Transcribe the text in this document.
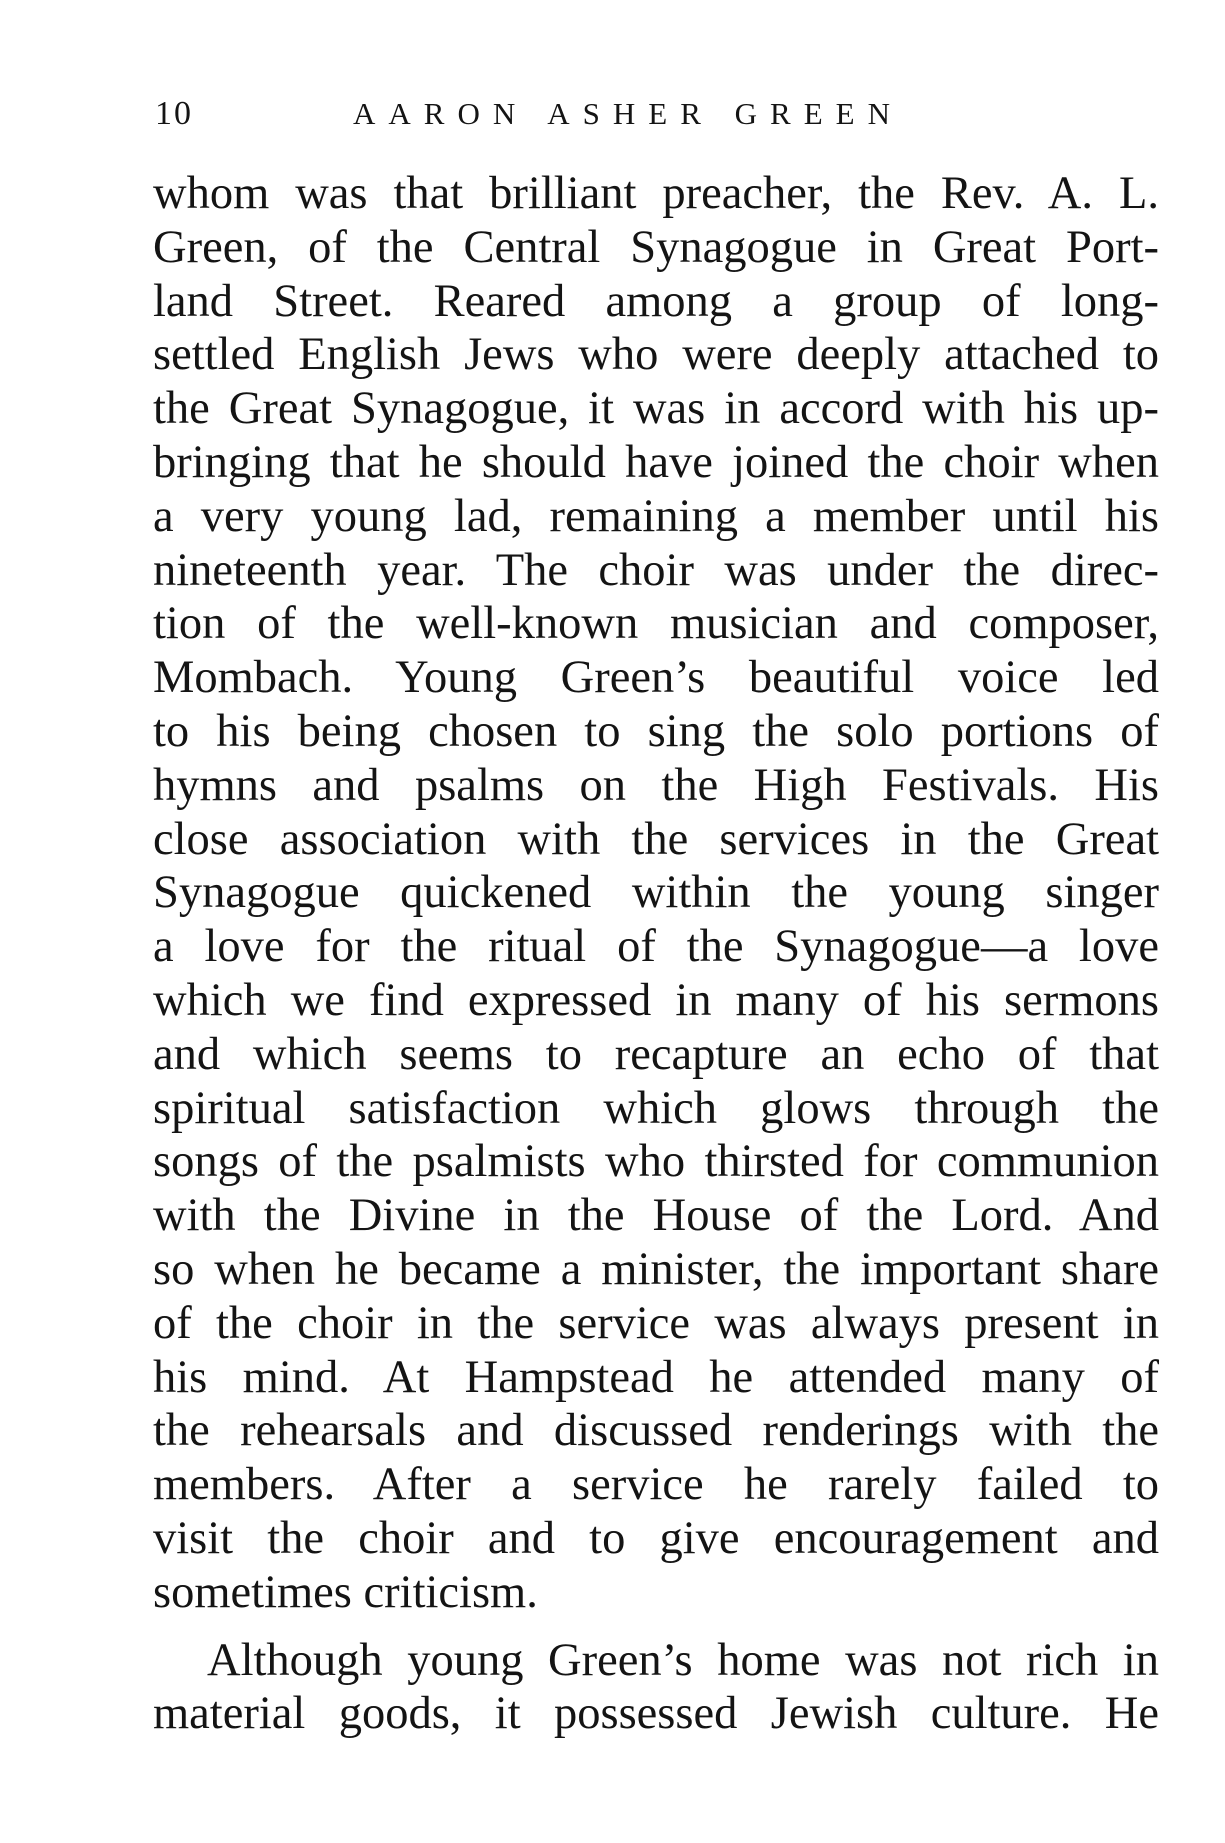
10	AARON ASHER GREEN
whom was that brilliant preacher, the Rev. A. L.
Green, of the Central Synagogue in Great Port-
land Street. Reared among a group of long-
settled English Jews who were deeply attached to
the Great Synagogue, it was in accord with his up-
bringing that he should have joined the choir when
a very young lad, remaining a member until his
nineteenth year. The choir was under the direc-
tion of the well-known musician and composer,
Mombach. Young Green’s beautiful voice led
to his being chosen to sing the solo portions of
hymns and psalms on the High Festivals. His
close association with the services in the Great
Synagogue quickened within the young singer
a love for the ritual of the Synagogue—a love
which we find expressed in many of his sermons
and which seems to recapture an echo of that
spiritual satisfaction which glows through the
songs of the psalmists who thirsted for communion
with the Divine in the House of the Lord. And
so when he became a minister, the important share
of the choir in the service was always present in
his mind. At Hampstead he attended many of
the rehearsals and discussed renderings with the
members. After a service he rarely failed to
visit the choir and to give encouragement and
sometimes criticism.
Although young Green’s home was not rich in
material goods, it possessed Jewish culture. He
